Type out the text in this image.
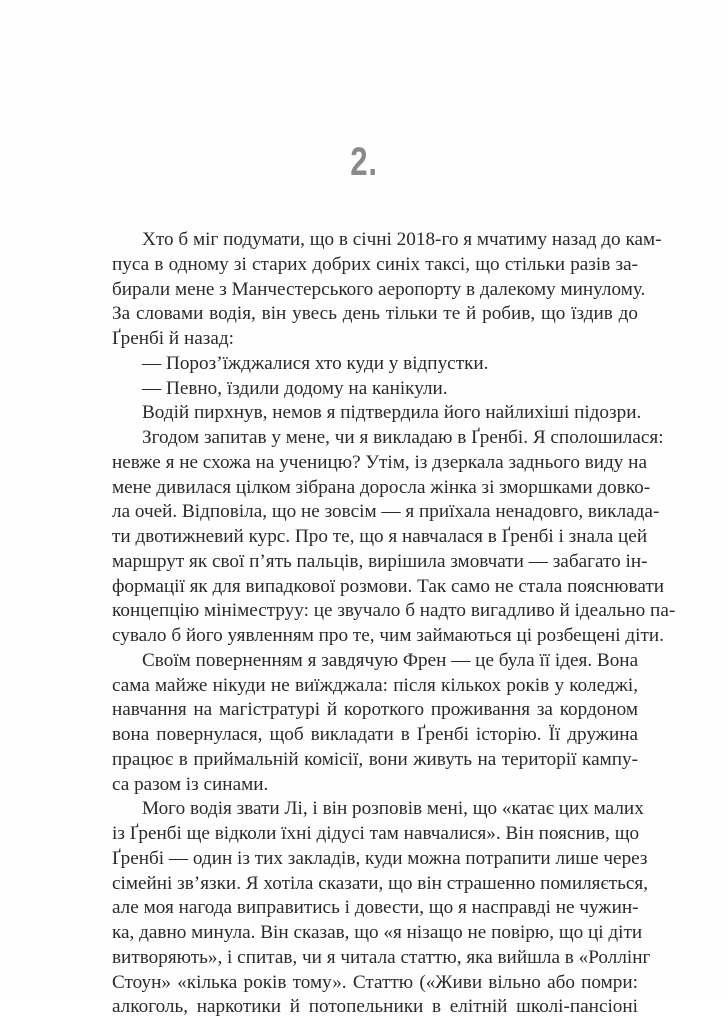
2.
Хто б міг подумати, що в січні 2018-го я мчатиму назад до кам-
пуса в одному зі старих добрих синіх таксі, що стільки разів за-
бирали мене з Манчестерського аеропорту в далекому минулому.
За словами водія, він увесь день тільки те й робив, що їздив до
Ґренбі й назад:
— Пороз’їжджалися хто куди у відпустки.
— Певно, їздили додому на канікули.
Водій пирхнув, немов я підтвердила його найлихіші підозри.
Згодом запитав у мене, чи я викладаю в Ґренбі. Я сполошилася:
невже я не схожа на ученицю? Утім, із дзеркала заднього виду на
мене дивилася цілком зібрана доросла жінка зі зморшками довко-
ла очей. Відповіла, що не зовсім — я приїхала ненадовго, виклада-
ти двотижневий курс. Про те, що я навчалася в Ґренбі і знала цей
маршрут як свої п’ять пальців, вирішила змовчати — забагато ін-
формації як для випадкової розмови. Так само не стала пояснювати
концепцію мініместруу: це звучало б надто вигадливо й ідеально па-
сувало б його уявленням про те, чим займаються ці розбещені діти.
Своїм поверненням я завдячую Френ — це була її ідея. Вона
сама майже нікуди не виїжджала: після кількох років у коледжі,
навчання на магістратурі й короткого проживання за кордоном
вона повернулася, щоб викладати в Ґренбі історію. Її дружина
працює в приймальній комісії, вони живуть на території кампу-
са разом із синами.
Мого водія звати Лі, і він розповів мені, що «катає цих малих
із Ґренбі ще відколи їхні дідусі там навчалися». Він пояснив, що
Ґренбі — один із тих закладів, куди можна потрапити лише через
сімейні зв’язки. Я хотіла сказати, що він страшенно помиляється,
але моя нагода виправитись і довести, що я насправді не чужин-
ка, давно минула. Він сказав, що «я нізащо не повірю, що ці діти
витворяють», і спитав, чи я читала статтю, яка вийшла в «Роллінг
Стоун» «кілька років тому». Статтю («Живи вільно або помри:
алкоголь, наркотики й потопельники в елітній школі-пансіоні
